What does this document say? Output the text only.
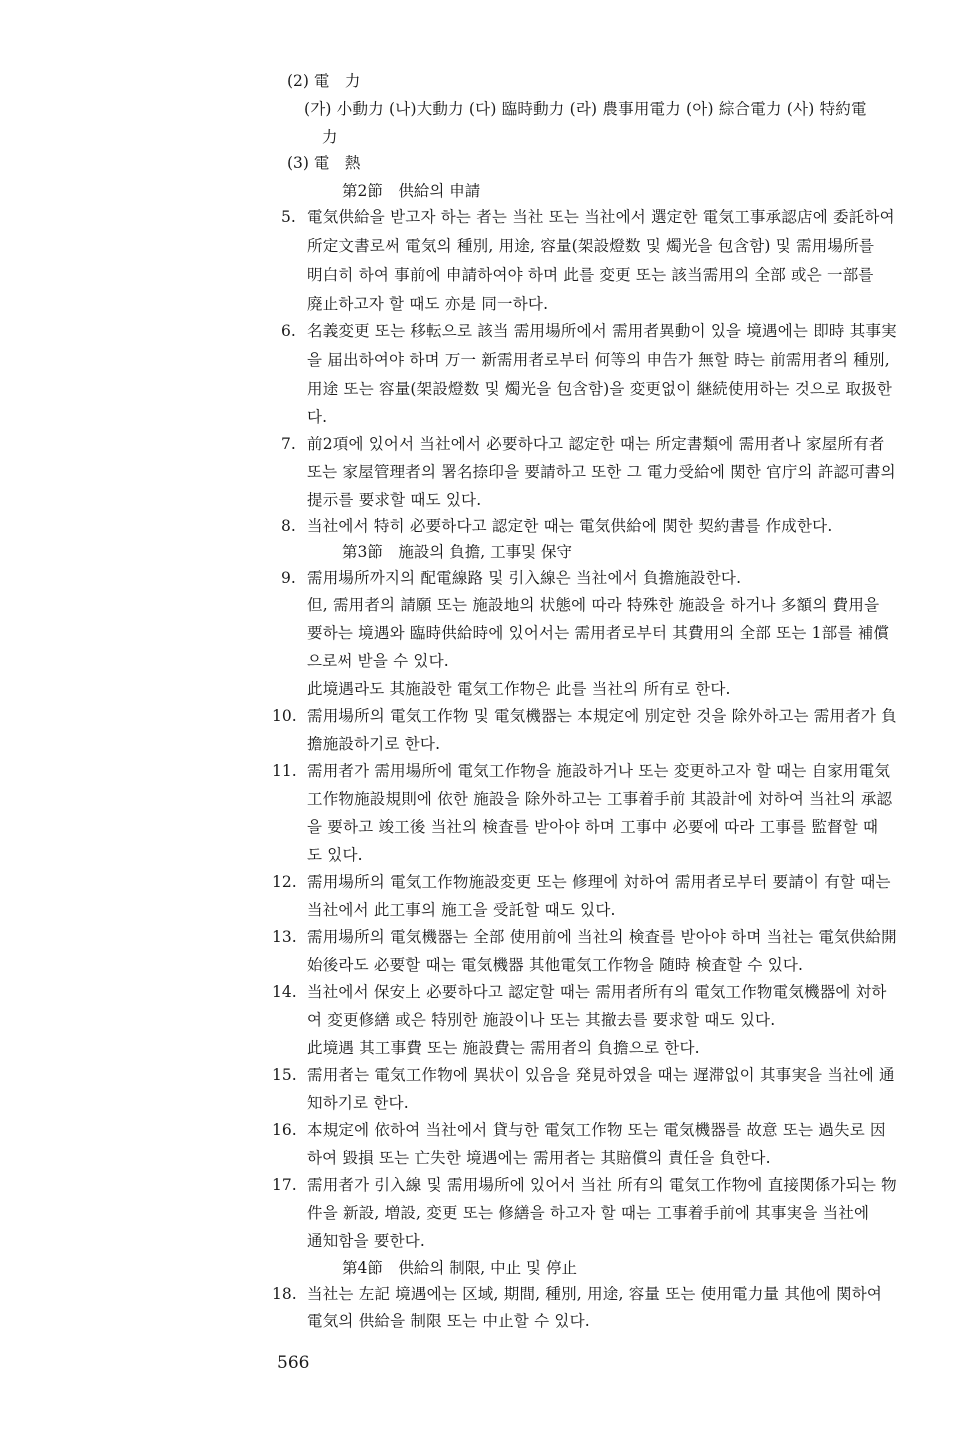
(2) 電　力
(가) 小動力 (나)大動力 (다) 臨時動力 (라) 農事用電力 (아) 綜合電力 (사) 特約電
力
(3) 電　熱
第2節　供給의 申請
電気供給을 받고자 하는 者는 当社 또는 当社에서 選定한 電気工事承認店에 委託하여
所定文書로써 電気의 種別, 用途, 容量(架設燈数 및 燭光을 包含함) 및 需用場所를
明白히 하여 事前에 申請하여야 하며 此를 変更 또는 該当需用의 全部 或은 一部를
廃止하고자 할 때도 亦是 同一하다.
名義変更 또는 移転으로 該当 需用場所에서 需用者異動이 있을 境遇에는 即時 其事実
을 届出하여야 하며 万一 新需用者로부터 何等의 申告가 無할 時는 前需用者의 種別,
用途 또는 容量(架設燈数 및 燭光을 包含함)을 変更없이 継続使用하는 것으로 取扱한
다.
前2項에 있어서 当社에서 必要하다고 認定한 때는 所定書類에 需用者나 家屋所有者
또는 家屋管理者의 署名捺印을 要請하고 또한 그 電力受給에 関한 官庁의 許認可書의
提示를 要求할 때도 있다.
当社에서 特히 必要하다고 認定한 때는 電気供給에 関한 契約書를 作成한다.
第3節　施設의 負擔, 工事및 保守
需用場所까지의 配電線路 및 引入線은 当社에서 負擔施設한다.
但, 需用者의 請願 또는 施設地의 状態에 따라 特殊한 施設을 하거나 多額의 費用을
要하는 境遇와 臨時供給時에 있어서는 需用者로부터 其費用의 全部 또는 1部를 補償
으로써 받을 수 있다.
此境遇라도 其施設한 電気工作物은 此를 当社의 所有로 한다.
需用場所의 電気工作物 및 電気機器는 本規定에 別定한 것을 除外하고는 需用者가 負
擔施設하기로 한다.
需用者가 需用場所에 電気工作物을 施設하거나 또는 変更하고자 할 때는 自家用電気
工作物施設規則에 依한 施設을 除外하고는 工事着手前 其設計에 対하여 当社의 承認
을 要하고 竣工後 当社의 検査를 받아야 하며 工事中 必要에 따라 工事를 監督할 때
도 있다.
需用場所의 電気工作物施設変更 또는 修理에 対하여 需用者로부터 要請이 有할 때는
当社에서 此工事의 施工을 受託할 때도 있다.
需用場所의 電気機器는 全部 使用前에 当社의 検査를 받아야 하며 当社는 電気供給開
始後라도 必要할 때는 電気機器 其他電気工作物을 随時 検査할 수 있다.
当社에서 保安上 必要하다고 認定할 때는 需用者所有의 電気工作物電気機器에 対하
여 変更修繕 或은 特別한 施設이나 또는 其撤去를 要求할 때도 있다.
此境遇 其工事費 또는 施設費는 需用者의 負擔으로 한다.
需用者는 電気工作物에 異状이 있음을 発見하였을 때는 遅滞없이 其事実을 当社에 通
知하기로 한다.
本規定에 依하여 当社에서 貸与한 電気工作物 또는 電気機器를 故意 또는 過失로 因
하여 毀損 또는 亡失한 境遇에는 需用者는 其賠償의 責任을 負한다.
需用者가 引入線 및 需用場所에 있어서 当社 所有의 電気工作物에 直接関係가되는 物
件을 新設, 増設, 変更 또는 修繕을 하고자 할 때는 工事着手前에 其事実을 当社에
通知함을 要한다.
第4節　供給의 制限, 中止 및 停止
当社는 左記 境遇에는 区域, 期間, 種別, 用途, 容量 또는 使用電力量 其他에 関하여
電気의 供給을 制限 또는 中止할 수 있다.
5.
6.
7.
8.
9.
10.
11.
12.
13.
14.
15.
16.
17.
18.
566
